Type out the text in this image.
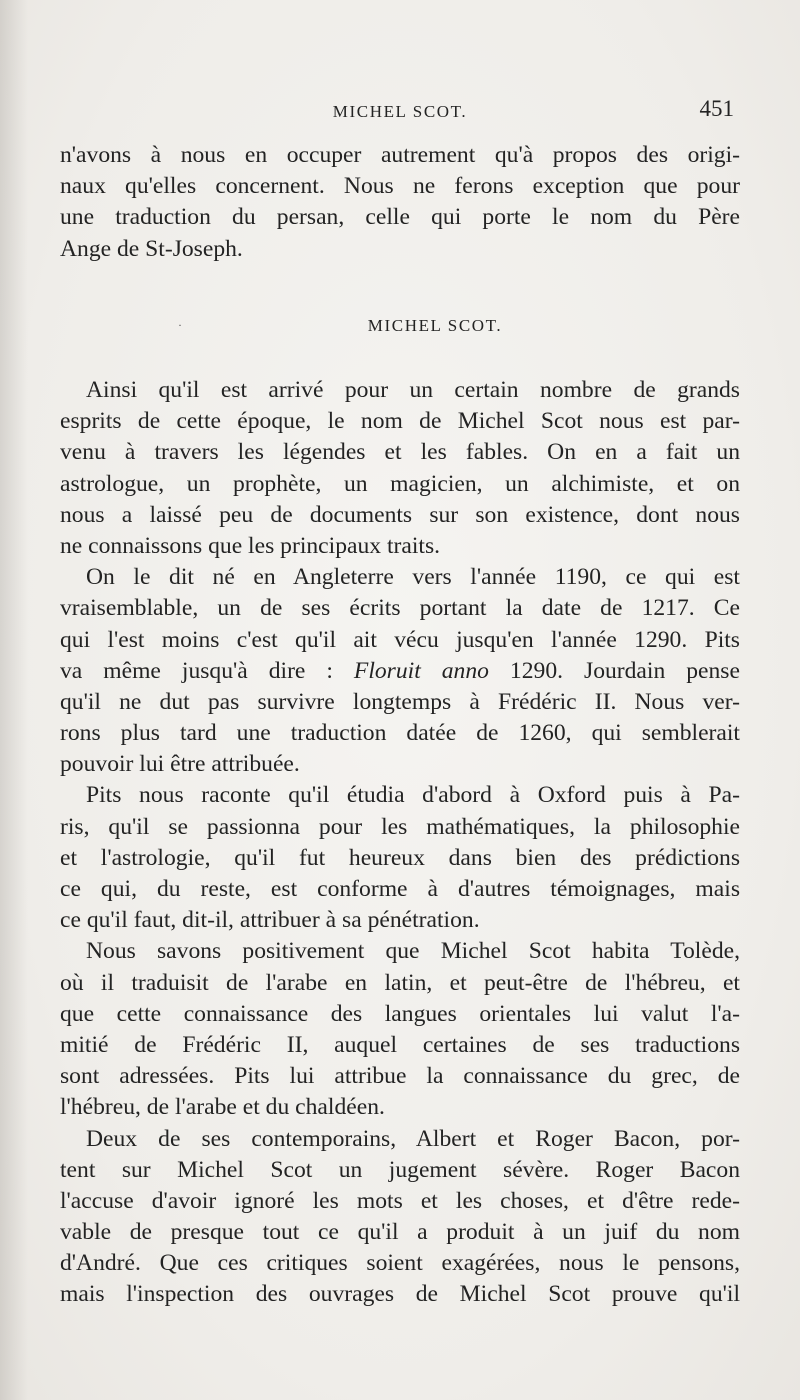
MICHEL SCOT.	451
n'avons à nous en occuper autrement qu'à propos des origi-
naux qu'elles concernent. Nous ne ferons exception que pour
une traduction du persan, celle qui porte le nom du Père
Ange de St-Joseph.
·	MICHEL SCOT.
Ainsi qu'il est arrivé pour un certain nombre de grands
esprits de cette époque, le nom de Michel Scot nous est par-
venu à travers les légendes et les fables. On en a fait un
astrologue, un prophète, un magicien, un alchimiste, et on
nous a laissé peu de documents sur son existence, dont nous
ne connaissons que les principaux traits.
On le dit né en Angleterre vers l'année 1190, ce qui est
vraisemblable, un de ses écrits portant la date de 1217. Ce
qui l'est moins c'est qu'il ait vécu jusqu'en l'année 1290. Pits
va même jusqu'à dire : Floruit anno 1290. Jourdain pense
qu'il ne dut pas survivre longtemps à Frédéric II. Nous ver-
rons plus tard une traduction datée de 1260, qui semblerait
pouvoir lui être attribuée.
Pits nous raconte qu'il étudia d'abord à Oxford puis à Pa-
ris, qu'il se passionna pour les mathématiques, la philosophie
et l'astrologie, qu'il fut heureux dans bien des prédictions
ce qui, du reste, est conforme à d'autres témoignages, mais
ce qu'il faut, dit-il, attribuer à sa pénétration.
Nous savons positivement que Michel Scot habita Tolède,
où il traduisit de l'arabe en latin, et peut-être de l'hébreu, et
que cette connaissance des langues orientales lui valut l'a-
mitié de Frédéric II, auquel certaines de ses traductions
sont adressées. Pits lui attribue la connaissance du grec, de
l'hébreu, de l'arabe et du chaldéen.
Deux de ses contemporains, Albert et Roger Bacon, por-
tent sur Michel Scot un jugement sévère. Roger Bacon
l'accuse d'avoir ignoré les mots et les choses, et d'être rede-
vable de presque tout ce qu'il a produit à un juif du nom
d'André. Que ces critiques soient exagérées, nous le pensons,
mais l'inspection des ouvrages de Michel Scot prouve qu'il
